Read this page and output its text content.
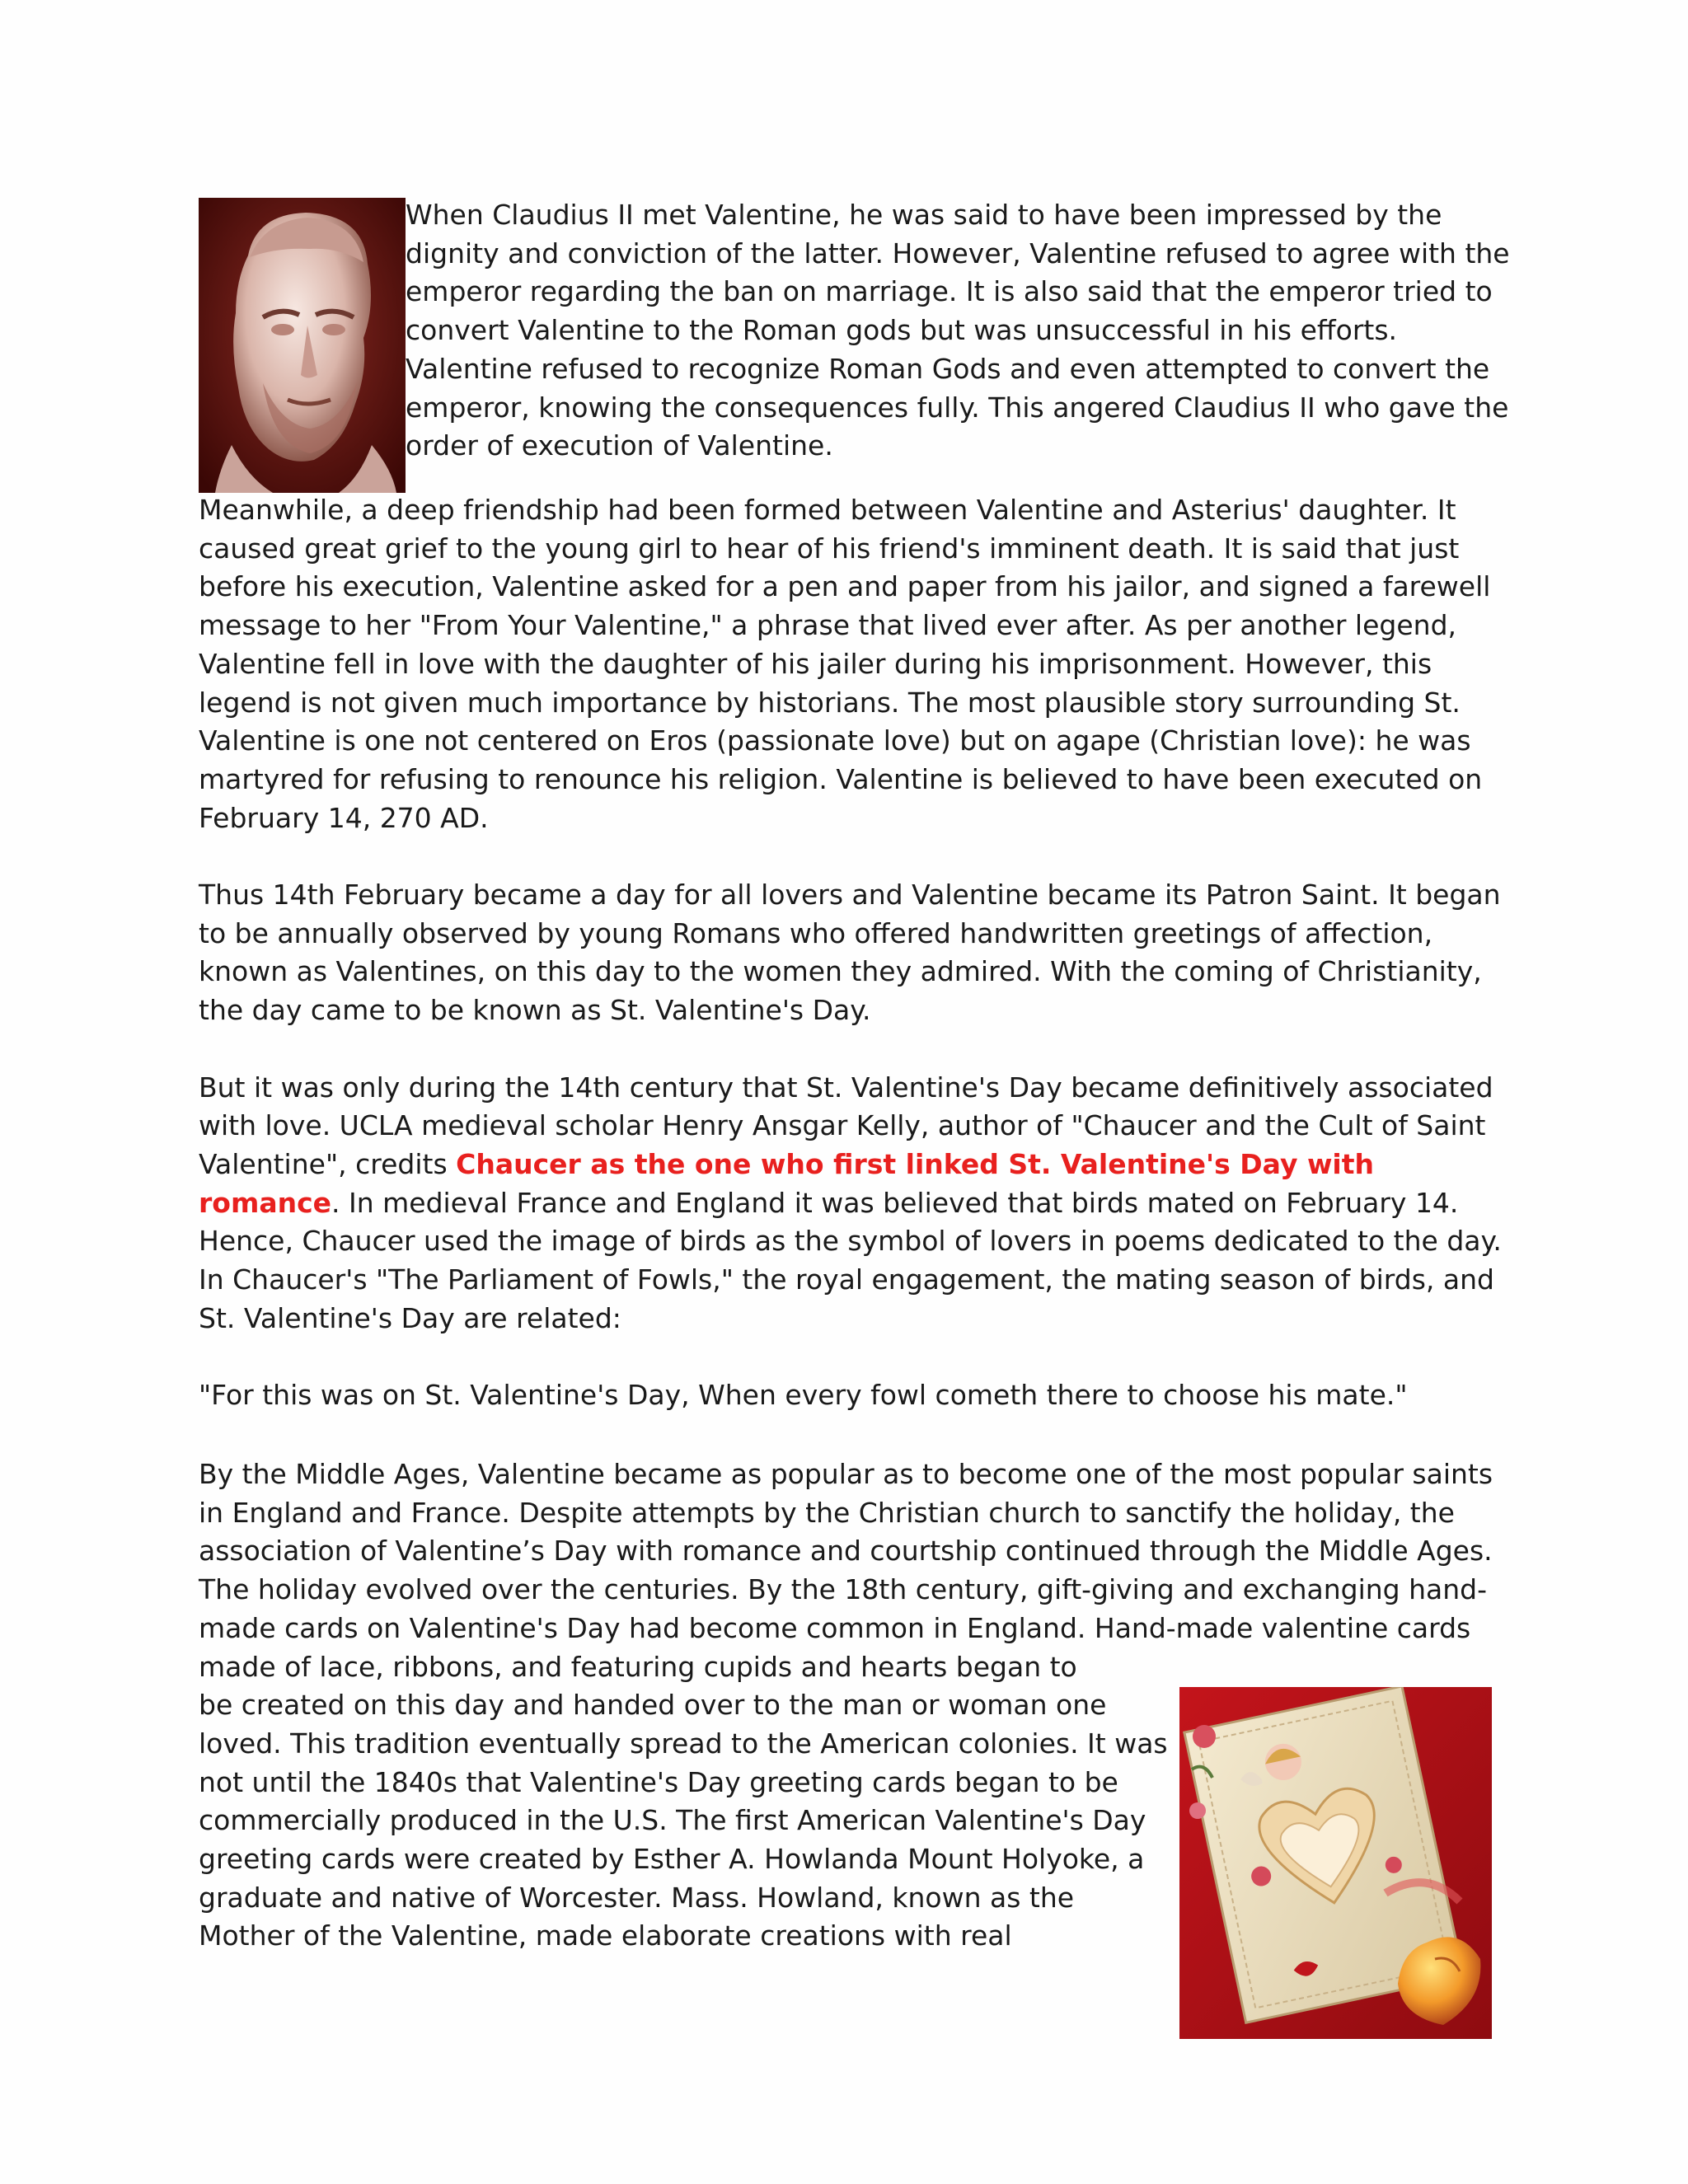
When Claudius II met Valentine, he was said to have been impressed by the dignity and conviction of the latter. However, Valentine refused to agree with the emperor regarding the ban on marriage. It is also said that the emperor tried to convert Valentine to the Roman gods but was unsuccessful in his efforts. Valentine refused to recognize Roman Gods and even attempted to convert the emperor, knowing the consequences fully. This angered Claudius II who gave the order of execution of Valentine.

Meanwhile, a deep friendship had been formed between Valentine and Asterius' daughter. It caused great grief to the young girl to hear of his friend's imminent death. It is said that just before his execution, Valentine asked for a pen and paper from his jailor, and signed a farewell message to her "From Your Valentine," a phrase that lived ever after. As per another legend, Valentine fell in love with the daughter of his jailer during his imprisonment. However, this legend is not given much importance by historians. The most plausible story surrounding St. Valentine is one not centered on Eros (passionate love) but on agape (Christian love): he was martyred for refusing to renounce his religion. Valentine is believed to have been executed on February 14, 270 AD.

Thus 14th February became a day for all lovers and Valentine became its Patron Saint. It began to be annually observed by young Romans who offered handwritten greetings of affection, known as Valentines, on this day to the women they admired. With the coming of Christianity, the day came to be known as St. Valentine's Day.

But it was only during the 14th century that St. Valentine's Day became definitively associated with love. UCLA medieval scholar Henry Ansgar Kelly, author of "Chaucer and the Cult of Saint Valentine", credits Chaucer as the one who first linked St. Valentine's Day with romance. In medieval France and England it was believed that birds mated on February 14. Hence, Chaucer used the image of birds as the symbol of lovers in poems dedicated to the day. In Chaucer's "The Parliament of Fowls," the royal engagement, the mating season of birds, and St. Valentine's Day are related:

"For this was on St. Valentine's Day, When every fowl cometh there to choose his mate."

By the Middle Ages, Valentine became as popular as to become one of the most popular saints in England and France. Despite attempts by the Christian church to sanctify the holiday, the association of Valentine’s Day with romance and courtship continued through the Middle Ages. The holiday evolved over the centuries. By the 18th century, gift-giving and exchanging hand-made cards on Valentine's Day had become common in England. Hand-made valentine cards made of lace, ribbons, and featuring cupids and hearts began to

be created on this day and handed over to the man or woman one loved. This tradition eventually spread to the American colonies. It was not until the 1840s that Valentine's Day greeting cards began to be commercially produced in the U.S. The first American Valentine's Day greeting cards were created by Esther A. Howlanda Mount Holyoke, a graduate and native of Worcester. Mass. Howland, known as the Mother of the Valentine, made elaborate creations with real
